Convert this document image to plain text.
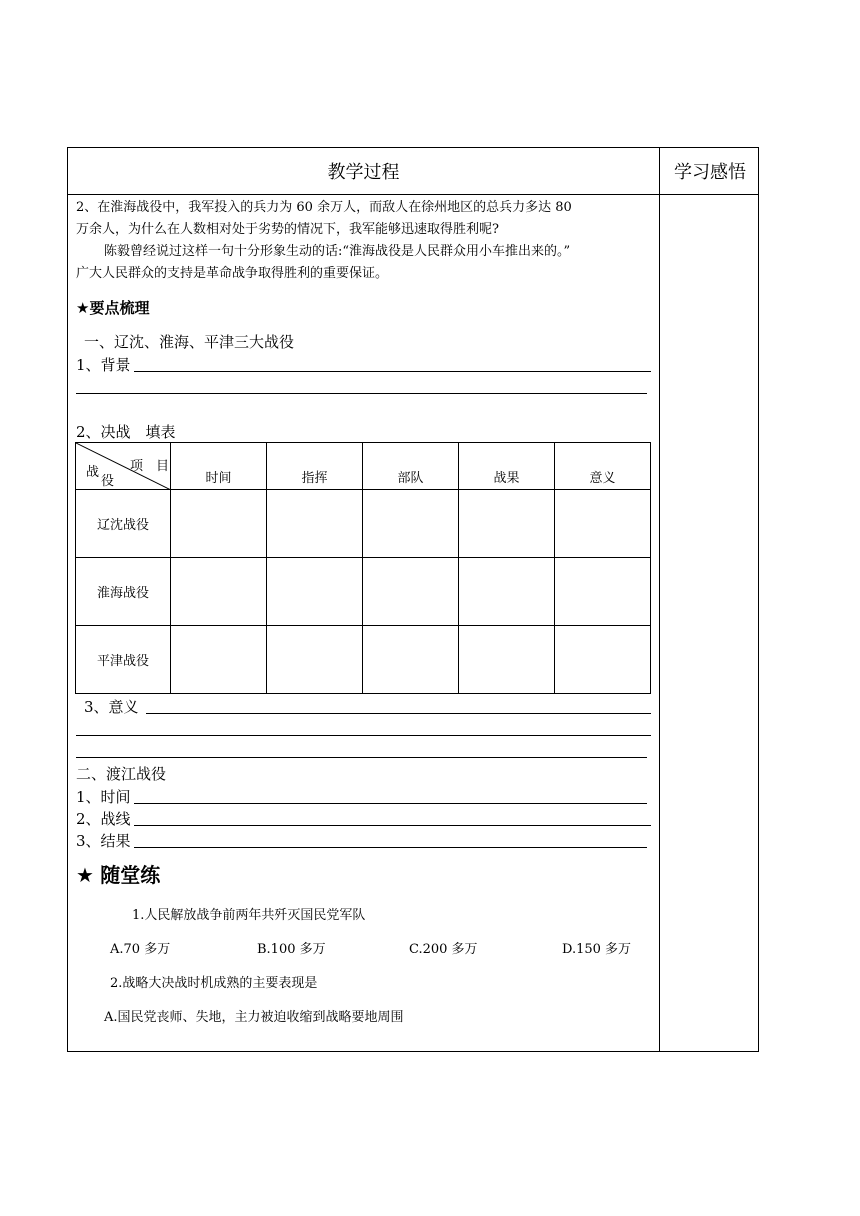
教学过程	学习感悟
2、在淮海战役中，我军投入的兵力为 60 余万人，而敌人在徐州地区的总兵力多达 80
万余人，为什么在人数相对处于劣势的情况下，我军能够迅速取得胜利呢?
陈毅曾经说过这样一句十分形象生动的话:“淮海战役是人民群众用小车推出来的。”
广大人民群众的支持是革命战争取得胜利的重要保证。
★要点梳理
一、辽沈、淮海、平津三大战役
1、背景
2、决战　填表
项　目
战
役	时间	指挥	部队	战果	意义
辽沈战役					
淮海战役					
平津战役					
3、意义
二、渡江战役
1、时间
2、战线
3、结果
★ 随堂练
1.人民解放战争前两年共歼灭国民党军队
A.70 多万	B.100 多万	C.200 多万	D.150 多万
2.战略大决战时机成熟的主要表现是
A.国民党丧师、失地，主力被迫收缩到战略要地周围
